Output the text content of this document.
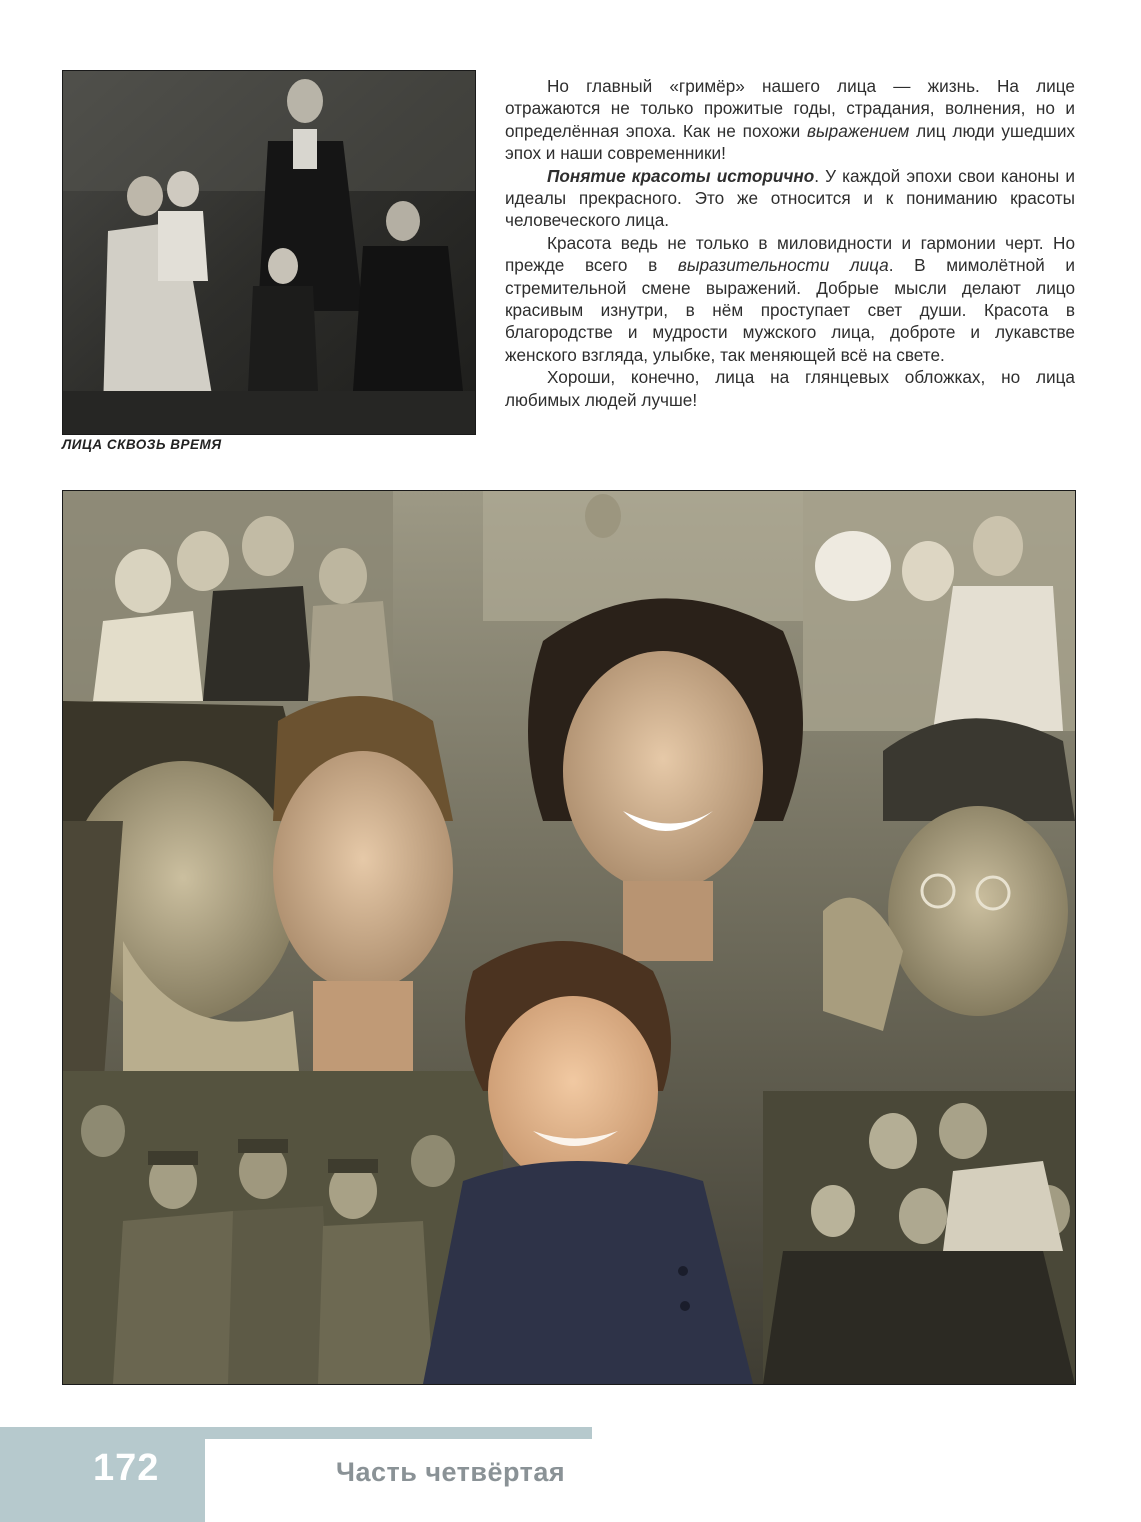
ЛИЦА СКВОЗЬ ВРЕМЯ

Но главный «гримёр» нашего лица — жизнь. На лице отражаются не только прожитые годы, страдания, волнения, но и определённая эпоха. Как не похожи выражением лиц люди ушедших эпох и наши современники!

Понятие красоты исторично. У каждой эпохи свои каноны и идеалы прекрасного. Это же относится и к пониманию красоты человеческого лица.

Красота ведь не только в миловидности и гармонии черт. Но прежде всего в выразительности лица. В мимолётной и стремительной смене выражений. Добрые мысли делают лицо красивым изнутри, в нём проступает свет души. Красота в благородстве и мудрости мужского лица, доброте и лукавстве женского взгляда, улыбке, так меняющей всё на свете.

Хороши, конечно, лица на глянцевых обложках, но лица любимых людей лучше!

172	Часть четвёртая
